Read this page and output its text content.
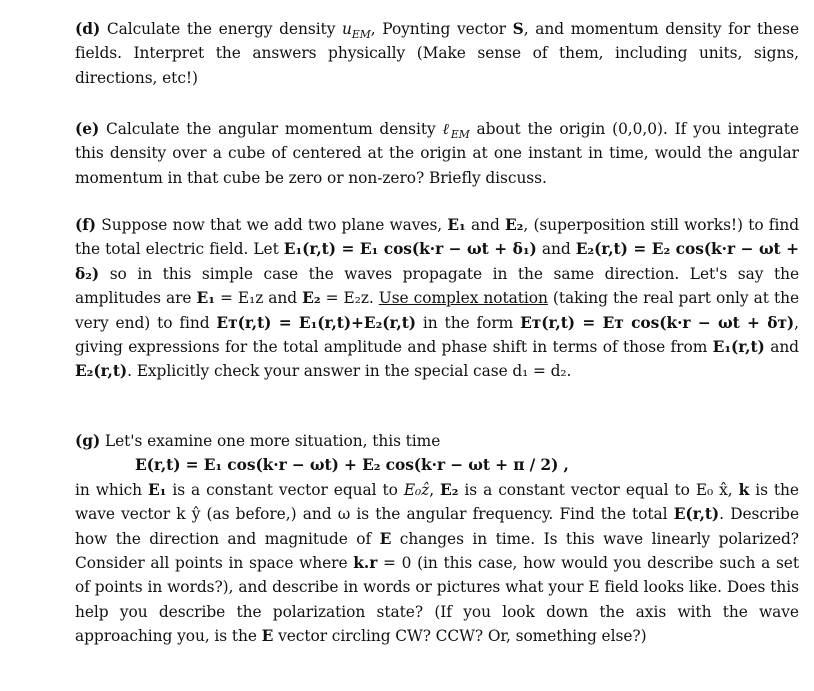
(d) Calculate the energy density $u_{EM}$, Poynting vector S, and momentum density for these fields. Interpret the answers physically (Make sense of them, including units, signs, directions, etc!)
(e) Calculate the angular momentum density ℓ$_{EM}$ about the origin (0,0,0). If you integrate this density over a cube of centered at the origin at one instant in time, would the angular momentum in that cube be zero or non-zero? Briefly discuss.
(f) Suppose now that we add two plane waves, E₁ and E₂, (superposition still works!) to find the total electric field. Let E₁(r,t) = E₁ cos(k·r − ωt + δ₁) and E₂(r,t) = E₂ cos(k·r − ωt + δ₂) so in this simple case the waves propagate in the same direction. Let's say the amplitudes are E₁ = E₁z and E₂ = E₂z. Use complex notation (taking the real part only at the very end) to find Eт(r,t) = E₁(r,t)+E₂(r,t) in the form Eт(r,t) = Eт cos(k·r − ωt + δт), giving expressions for the total amplitude and phase shift in terms of those from E₁(r,t) and E₂(r,t). Explicitly check your answer in the special case d₁ = d₂.
(g) Let's examine one more situation, this time
E(r,t) = E₁ cos(k·r − ωt) + E₂ cos(k·r − ωt + π / 2) ,
in which E₁ is a constant vector equal to E₀ẑ, E₂ is a constant vector equal to E₀ x̂, k is the wave vector k ŷ (as before,) and ω is the angular frequency. Find the total E(r,t). Describe how the direction and magnitude of E changes in time. Is this wave linearly polarized? Consider all points in space where k.r = 0 (in this case, how would you describe such a set of points in words?), and describe in words or pictures what your E field looks like. Does this help you describe the polarization state? (If you look down the axis with the wave approaching you, is the E vector circling CW? CCW? Or, something else?)
